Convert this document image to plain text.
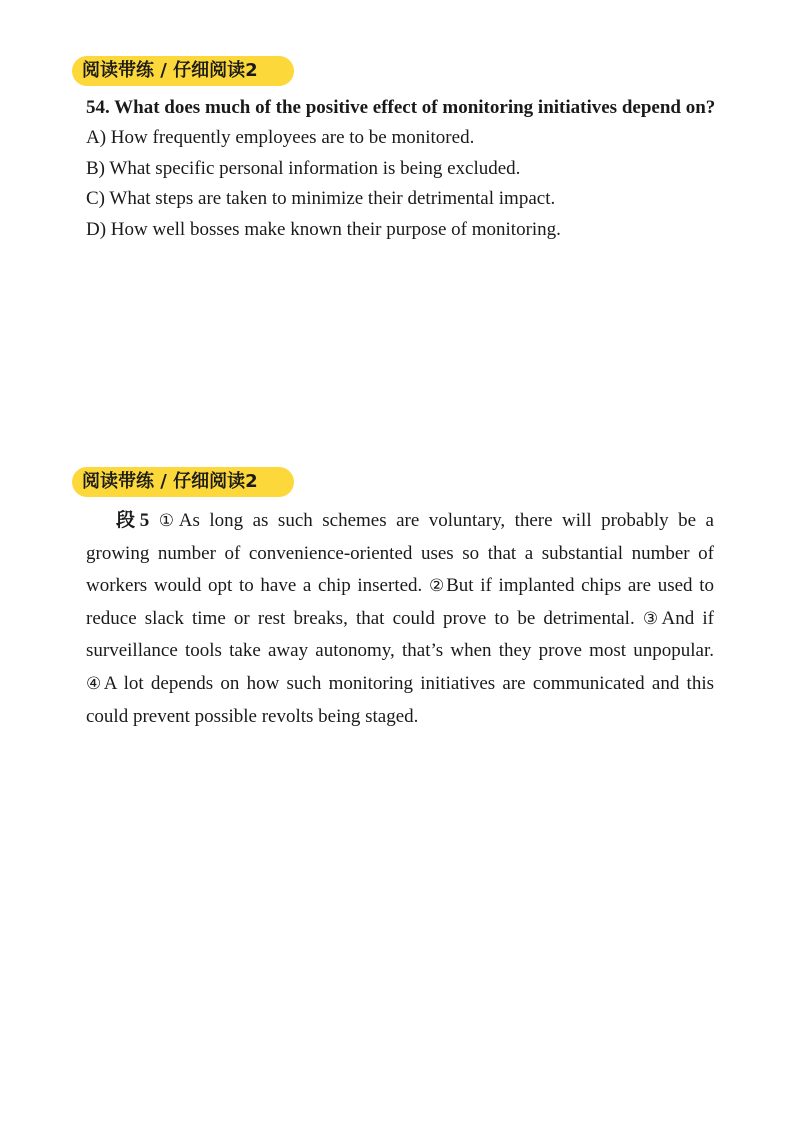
阅读带练 / 仔细阅读2

54. What does much of the positive effect of monitoring initiatives depend on?

A) How frequently employees are to be monitored.
B) What specific personal information is being excluded.
C) What steps are taken to minimize their detrimental impact.
D) How well bosses make known their purpose of monitoring.
阅读带练 / 仔细阅读2

段5 ①As long as such schemes are voluntary, there will probably be a growing number of convenience-oriented uses so that a substantial number of workers would opt to have a chip inserted. ②But if implanted chips are used to reduce slack time or rest breaks, that could prove to be detrimental. ③And if surveillance tools take away autonomy, that’s when they prove most unpopular. ④A lot depends on how such monitoring initiatives are communicated and this could prevent possible revolts being staged.
